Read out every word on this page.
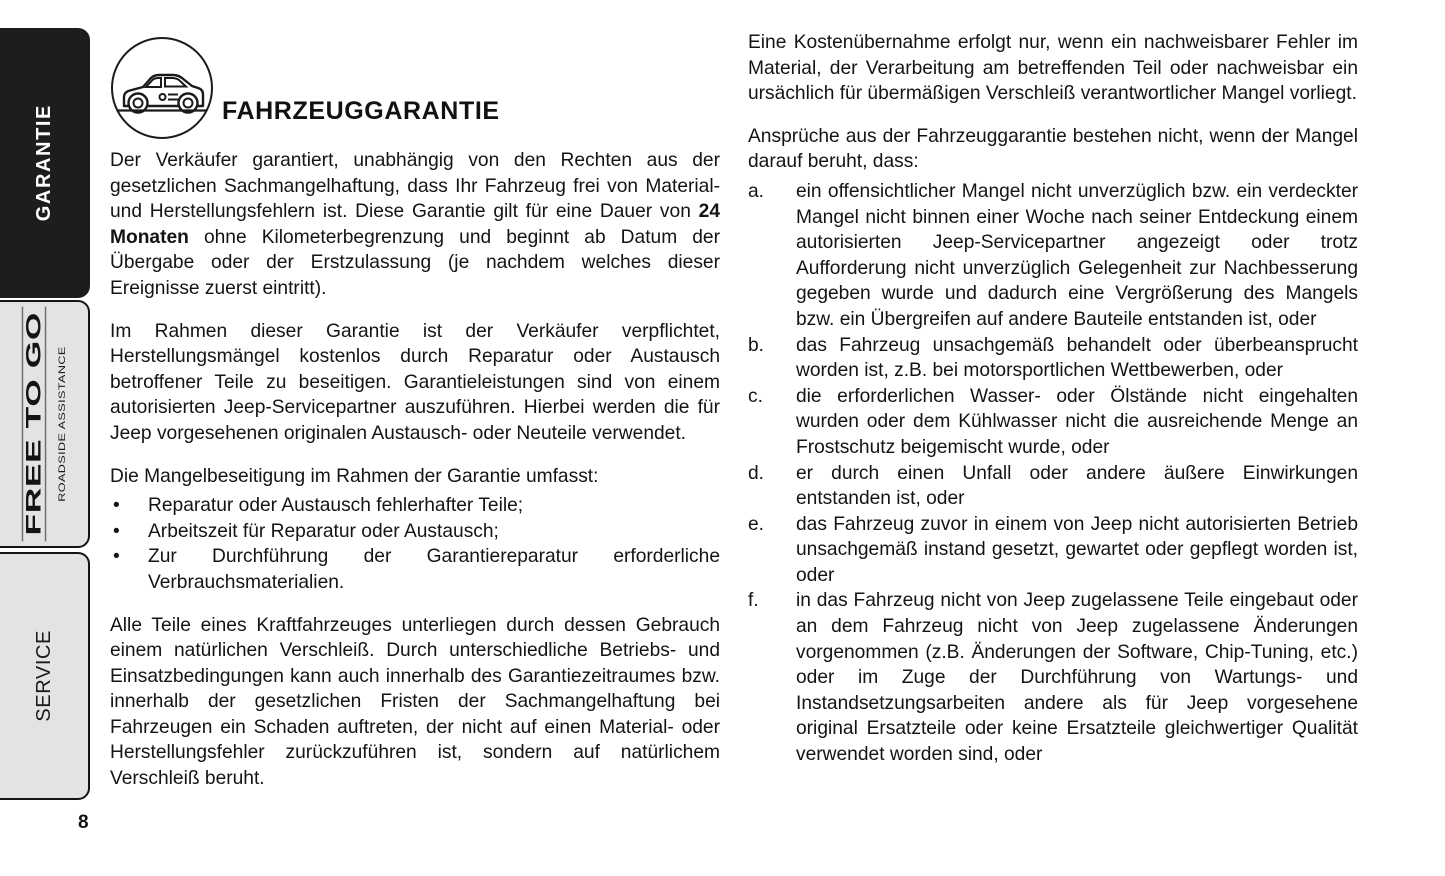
GARANTIE
ROADSIDE ASSISTANCE
FREE TO GO
SERVICE
8
FAHRZEUGGARANTIE

Der Verkäufer garantiert, unabhängig von den Rechten aus der gesetzlichen Sachmangelhaftung, dass Ihr Fahrzeug frei von Material- und Herstellungsfehlern ist. Diese Garantie gilt für eine Dauer von 24 Monaten ohne Kilometerbegrenzung und beginnt ab Datum der Übergabe oder der Erstzulassung (je nachdem welches dieser Ereignisse zuerst eintritt).

Im Rahmen dieser Garantie ist der Verkäufer verpflichtet, Herstellungsmängel kostenlos durch Reparatur oder Austausch betroffener Teile zu beseitigen. Garantieleistungen sind von einem autorisierten Jeep-Servicepartner auszuführen. Hierbei werden die für Jeep vorgesehenen originalen Austausch- oder Neuteile verwendet.

Die Mangelbeseitigung im Rahmen der Garantie umfasst:

• Reparatur oder Austausch fehlerhafter Teile;
• Arbeitszeit für Reparatur oder Austausch;
• Zur Durchführung der Garantiereparatur erforderliche Verbrauchsmaterialien.

Alle Teile eines Kraftfahrzeuges unterliegen durch dessen Gebrauch einem natürlichen Verschleiß. Durch unterschiedliche Betriebs- und Einsatzbedingungen kann auch innerhalb des Garantiezeitraumes bzw. innerhalb der gesetzlichen Fristen der Sachmangelhaftung bei Fahrzeugen ein Schaden auftreten, der nicht auf einen Material- oder Herstellungsfehler zurückzuführen ist, sondern auf natürlichem Verschleiß beruht.

Eine Kostenübernahme erfolgt nur, wenn ein nachweisbarer Fehler im Material, der Verarbeitung am betreffenden Teil oder nachweisbar ein ursächlich für übermäßigen Verschleiß verantwortlicher Mangel vorliegt.

Ansprüche aus der Fahrzeuggarantie bestehen nicht, wenn der Mangel darauf beruht, dass:

a.	ein offensichtlicher Mangel nicht unverzüglich bzw. ein verdeckter Mangel nicht binnen einer Woche nach seiner Entdeckung einem autorisierten Jeep-Servicepartner angezeigt oder trotz Aufforderung nicht unverzüglich Gelegenheit zur Nachbesserung gegeben wurde und dadurch eine Vergrößerung des Mangels bzw. ein Übergreifen auf andere Bauteile entstanden ist, oder
b.	das Fahrzeug unsachgemäß behandelt oder überbeansprucht worden ist, z.B. bei motorsportlichen Wettbewerben, oder
c.	die erforderlichen Wasser- oder Ölstände nicht eingehalten wurden oder dem Kühlwasser nicht die ausreichende Menge an Frostschutz beigemischt wurde, oder
d.	er durch einen Unfall oder andere äußere Einwirkungen entstanden ist, oder
e.	das Fahrzeug zuvor in einem von Jeep nicht autorisierten Betrieb unsachgemäß instand gesetzt, gewartet oder gepflegt worden ist, oder
f.	in das Fahrzeug nicht von Jeep zugelassene Teile eingebaut oder an dem Fahrzeug nicht von Jeep zugelassene Änderungen vorgenommen (z.B. Änderungen der Software, Chip-Tuning, etc.) oder im Zuge der Durchführung von Wartungs- und Instandsetzungsarbeiten andere als für Jeep vorgesehene original Ersatzteile oder keine Ersatzteile gleichwertiger Qualität verwendet worden sind, oder
